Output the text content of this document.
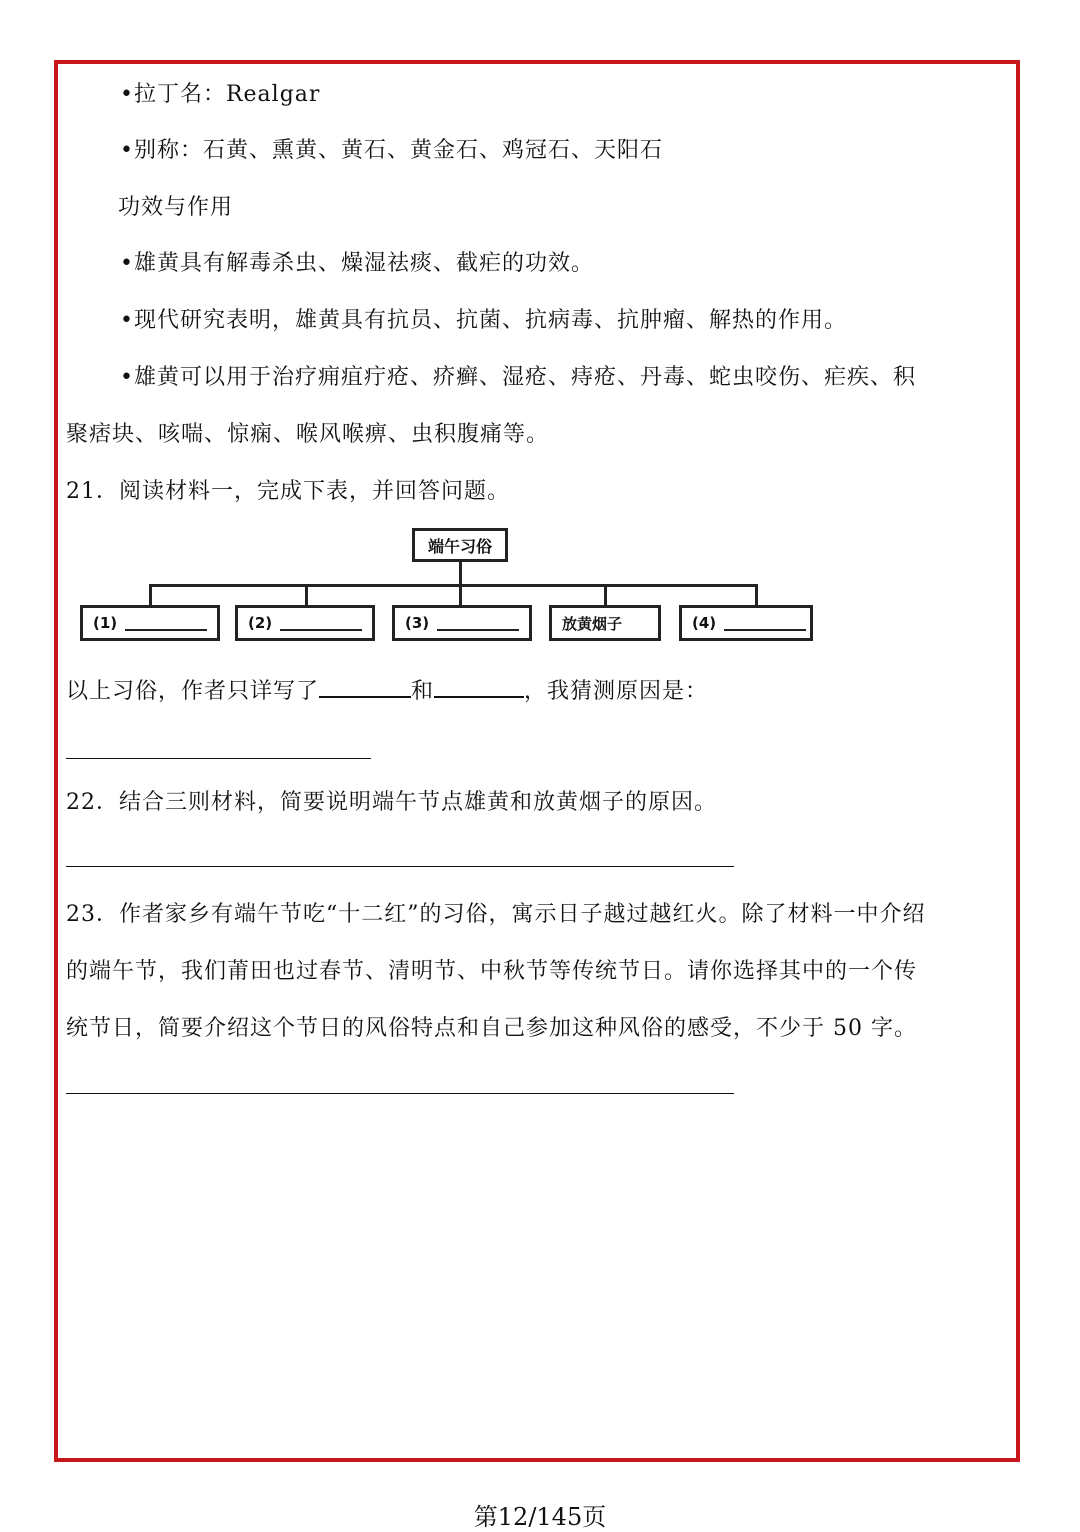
•拉丁名：Realgar
•别称：石黄、熏黄、黄石、黄金石、鸡冠石、天阳石
功效与作用
•雄黄具有解毒杀虫、燥湿祛痰、截疟的功效。
•现代研究表明，雄黄具有抗员、抗菌、抗病毒、抗肿瘤、解热的作用。
•雄黄可以用于治疗痈疽疔疮、疥癣、湿疮、痔疮、丹毒、蛇虫咬伤、疟疾、积
聚痞块、咳喘、惊痫、喉风喉痹、虫积腹痛等。
21．阅读材料一，完成下表，并回答问题。
端午习俗
(1)	(2)	(3)	放黄烟子	(4)
以上习俗，作者只详写了	和	，我猜测原因是：
22．结合三则材料，简要说明端午节点雄黄和放黄烟子的原因。
23．作者家乡有端午节吃“十二红”的习俗，寓示日子越过越红火。除了材料一中介绍
的端午节，我们莆田也过春节、清明节、中秋节等传统节日。请你选择其中的一个传
统节日，简要介绍这个节日的风俗特点和自己参加这种风俗的感受，不少于 50 字。
第12/145页
